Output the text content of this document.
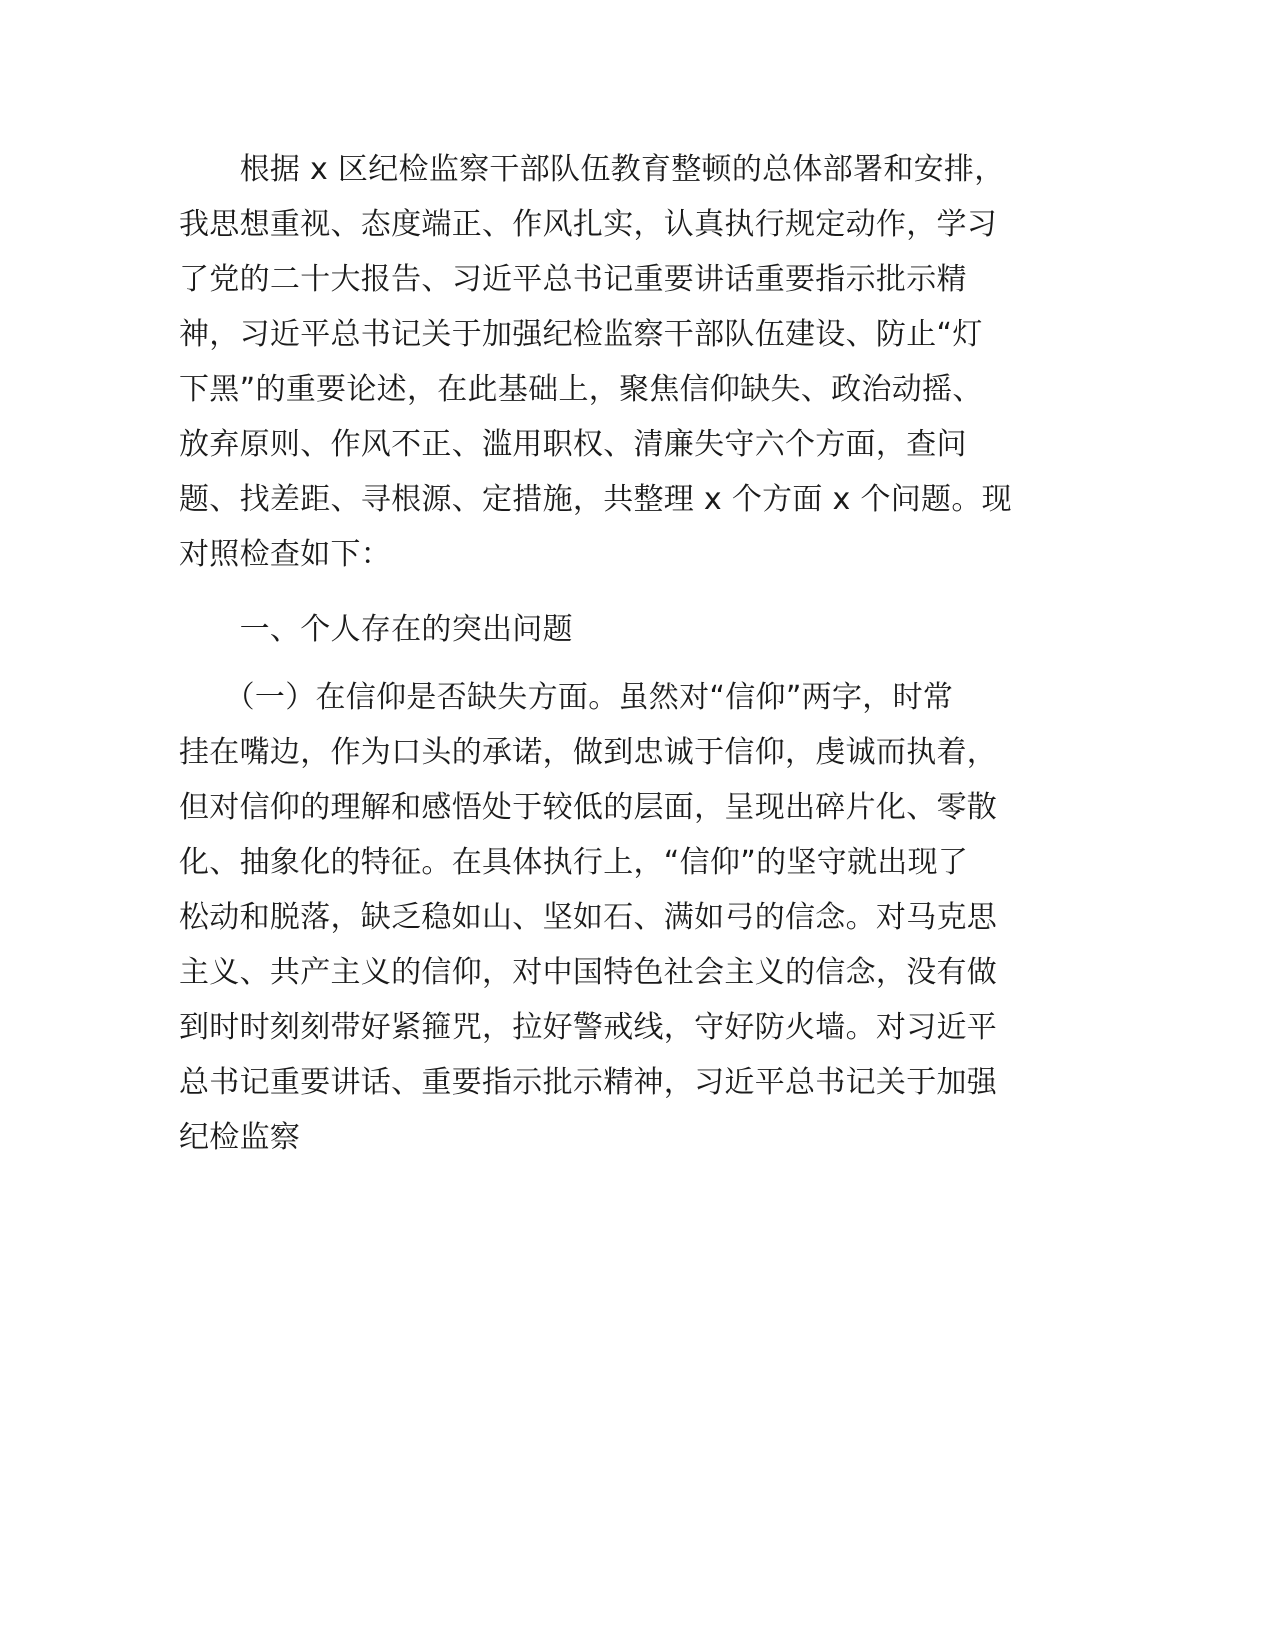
　　根据 x 区纪检监察干部队伍教育整顿的总体部署和安排，
我思想重视、态度端正、作风扎实，认真执行规定动作，学习
了党的二十大报告、习近平总书记重要讲话重要指示批示精
神，习近平总书记关于加强纪检监察干部队伍建设、防止“灯
下黑”的重要论述，在此基础上，聚焦信仰缺失、政治动摇、
放弃原则、作风不正、滥用职权、清廉失守六个方面，查问
题、找差距、寻根源、定措施，共整理 x 个方面 x 个问题。现
对照检查如下：
　　一、个人存在的突出问题
　　（一）在信仰是否缺失方面。虽然对“信仰”两字，时常
挂在嘴边，作为口头的承诺，做到忠诚于信仰，虔诚而执着，
但对信仰的理解和感悟处于较低的层面，呈现出碎片化、零散
化、抽象化的特征。在具体执行上，“信仰”的坚守就出现了
松动和脱落，缺乏稳如山、坚如石、满如弓的信念。对马克思
主义、共产主义的信仰，对中国特色社会主义的信念，没有做
到时时刻刻带好紧箍咒，拉好警戒线，守好防火墙。对习近平
总书记重要讲话、重要指示批示精神，习近平总书记关于加强
纪检监察
